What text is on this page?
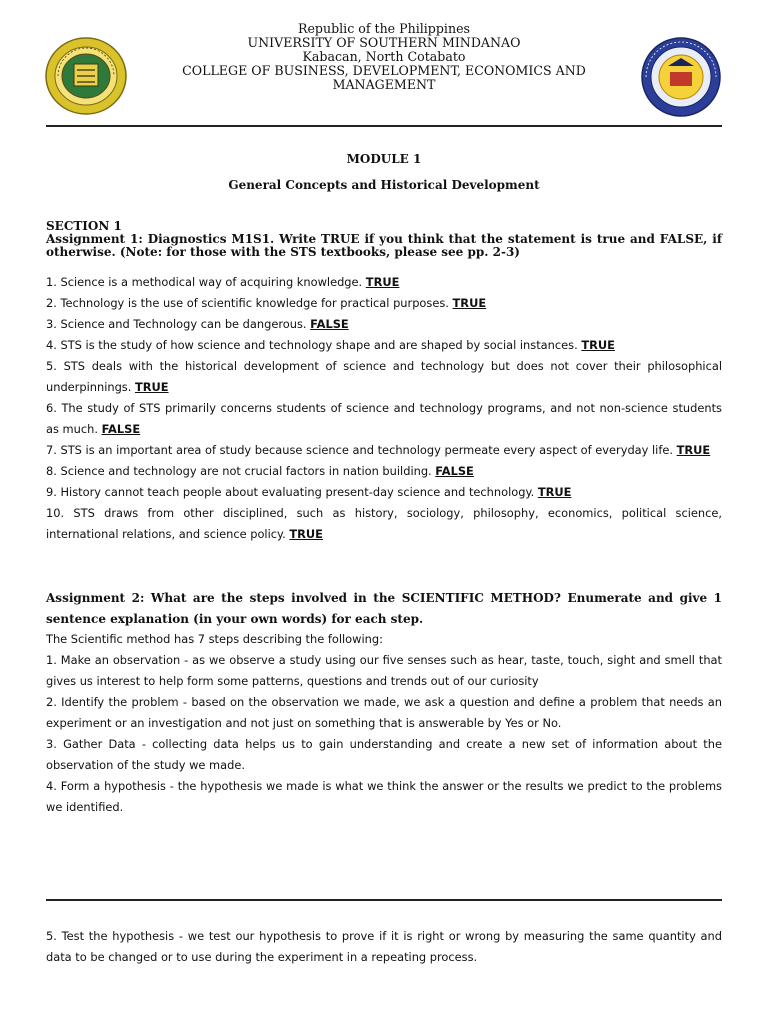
Republic of the Philippines
UNIVERSITY OF SOUTHERN MINDANAO
Kabacan, North Cotabato
COLLEGE OF BUSINESS, DEVELOPMENT, ECONOMICS AND
MANAGEMENT
MODULE 1
General Concepts and Historical Development
SECTION 1
Assignment 1: Diagnostics M1S1. Write TRUE if you think that the statement is true and FALSE, if otherwise. (Note: for those with the STS textbooks, please see pp. 2-3)
1. Science is a methodical way of acquiring knowledge. TRUE
2. Technology is the use of scientific knowledge for practical purposes. TRUE
3. Science and Technology can be dangerous. FALSE
4. STS is the study of how science and technology shape and are shaped by social instances. TRUE
5. STS deals with the historical development of science and technology but does not cover their philosophical underpinnings. TRUE
6. The study of STS primarily concerns students of science and technology programs, and not non-science students as much. FALSE
7. STS is an important area of study because science and technology permeate every aspect of everyday life. TRUE
8. Science and technology are not crucial factors in nation building. FALSE
9. History cannot teach people about evaluating present-day science and technology. TRUE
10. STS draws from other disciplined, such as history, sociology, philosophy, economics, political science, international relations, and science policy. TRUE
Assignment 2: What are the steps involved in the SCIENTIFIC METHOD? Enumerate and give 1 sentence explanation (in your own words) for each step.
The Scientific method has 7 steps describing the following:
1. Make an observation - as we observe a study using our five senses such as hear, taste, touch, sight and smell that gives us interest to help form some patterns, questions and trends out of our curiosity
2. Identify the problem - based on the observation we made, we ask a question and define a problem that needs an experiment or an investigation and not just on something that is answerable by Yes or No.
3. Gather Data - collecting data helps us to gain understanding and create a new set of information about the observation of the study we made.
4. Form a hypothesis - the hypothesis we made is what we think the answer or the results we predict to the problems we identified.
5. Test the hypothesis - we test our hypothesis to prove if it is right or wrong by measuring the same quantity and data to be changed or to use during the experiment in a repeating process.
